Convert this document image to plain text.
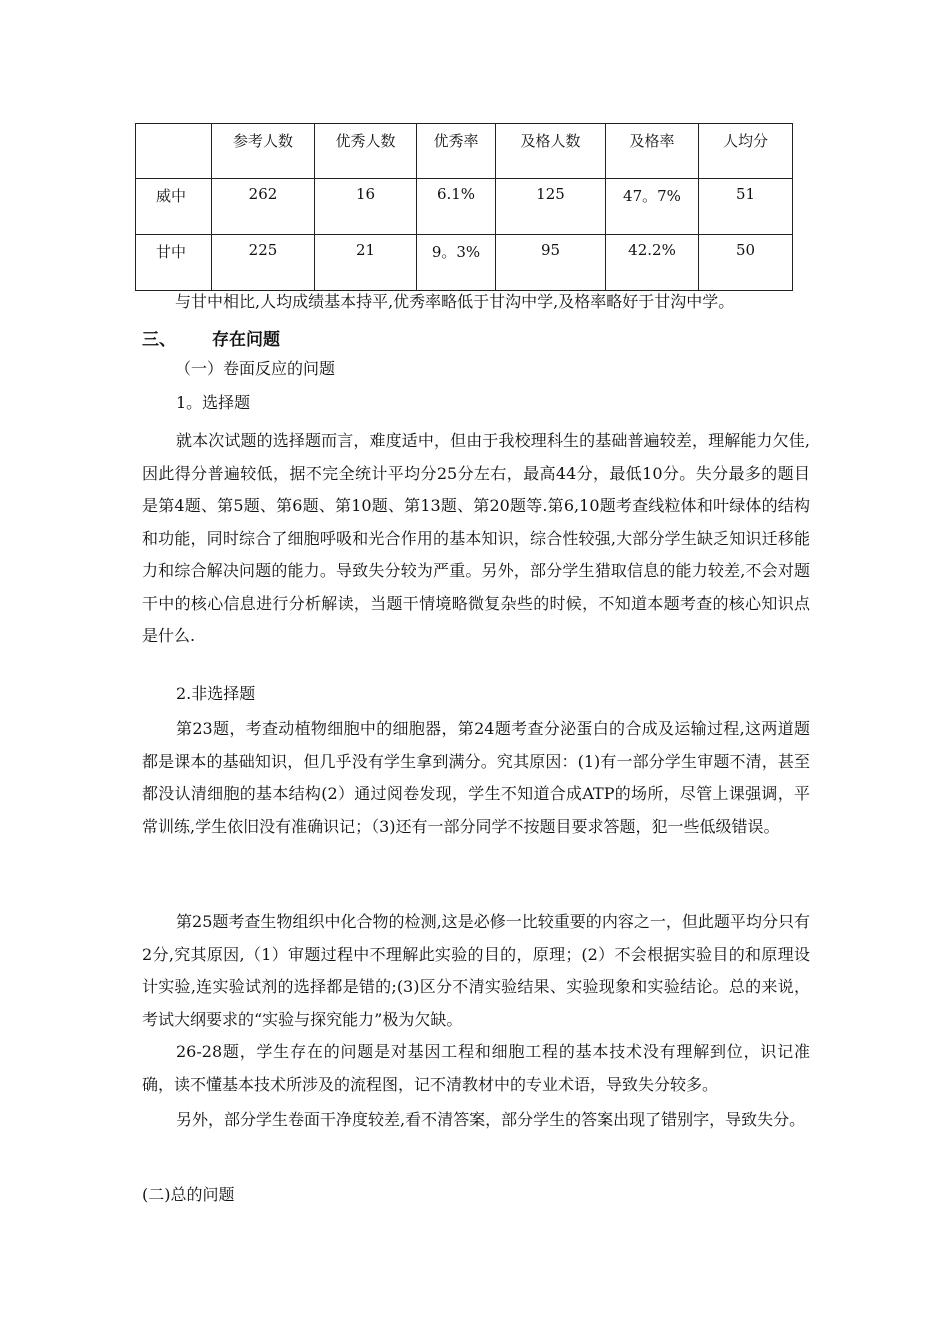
	参考人数	优秀人数	优秀率	及格人数	及格率	人均分
威中	262	16	6.1%	125	47。7%	51
甘中	225	21	9。3%	95	42.2%	50
与甘中相比,人均成绩基本持平,优秀率略低于甘沟中学,及格率略好于甘沟中学。
三、 存在问题
（一）卷面反应的问题
1。选择题

就本次试题的选择题而言，难度适中，但由于我校理科生的基础普遍较差，理解能力欠佳,因此得分普遍较低，据不完全统计平均分25分左右，最高44分，最低10分。失分最多的题目是第4题、第5题、第6题、第10题、第13题、第20题等.第6,10题考查线粒体和叶绿体的结构和功能，同时综合了细胞呼吸和光合作用的基本知识，综合性较强,大部分学生缺乏知识迁移能力和综合解决问题的能力。导致失分较为严重。另外，部分学生猎取信息的能力较差,不会对题干中的核心信息进行分析解读，当题干情境略微复杂些的时候，不知道本题考查的核心知识点是什么.

2.非选择题

第23题，考查动植物细胞中的细胞器，第24题考查分泌蛋白的合成及运输过程,这两道题都是课本的基础知识，但几乎没有学生拿到满分。究其原因：(1)有一部分学生审题不清，甚至都没认清细胞的基本结构(2）通过阅卷发现，学生不知道合成ATP的场所，尽管上课强调，平常训练,学生依旧没有准确识记；（3)还有一部分同学不按题目要求答题，犯一些低级错误。

第25题考查生物组织中化合物的检测,这是必修一比较重要的内容之一，但此题平均分只有2分,究其原因,（1）审题过程中不理解此实验的目的，原理；(2）不会根据实验目的和原理设计实验,连实验试剂的选择都是错的;(3)区分不清实验结果、实验现象和实验结论。总的来说，考试大纲要求的“实验与探究能力”极为欠缺。

26-28题，学生存在的问题是对基因工程和细胞工程的基本技术没有理解到位，识记准确，读不懂基本技术所涉及的流程图，记不清教材中的专业术语，导致失分较多。

另外，部分学生卷面干净度较差,看不清答案，部分学生的答案出现了错别字，导致失分。

(二)总的问题
